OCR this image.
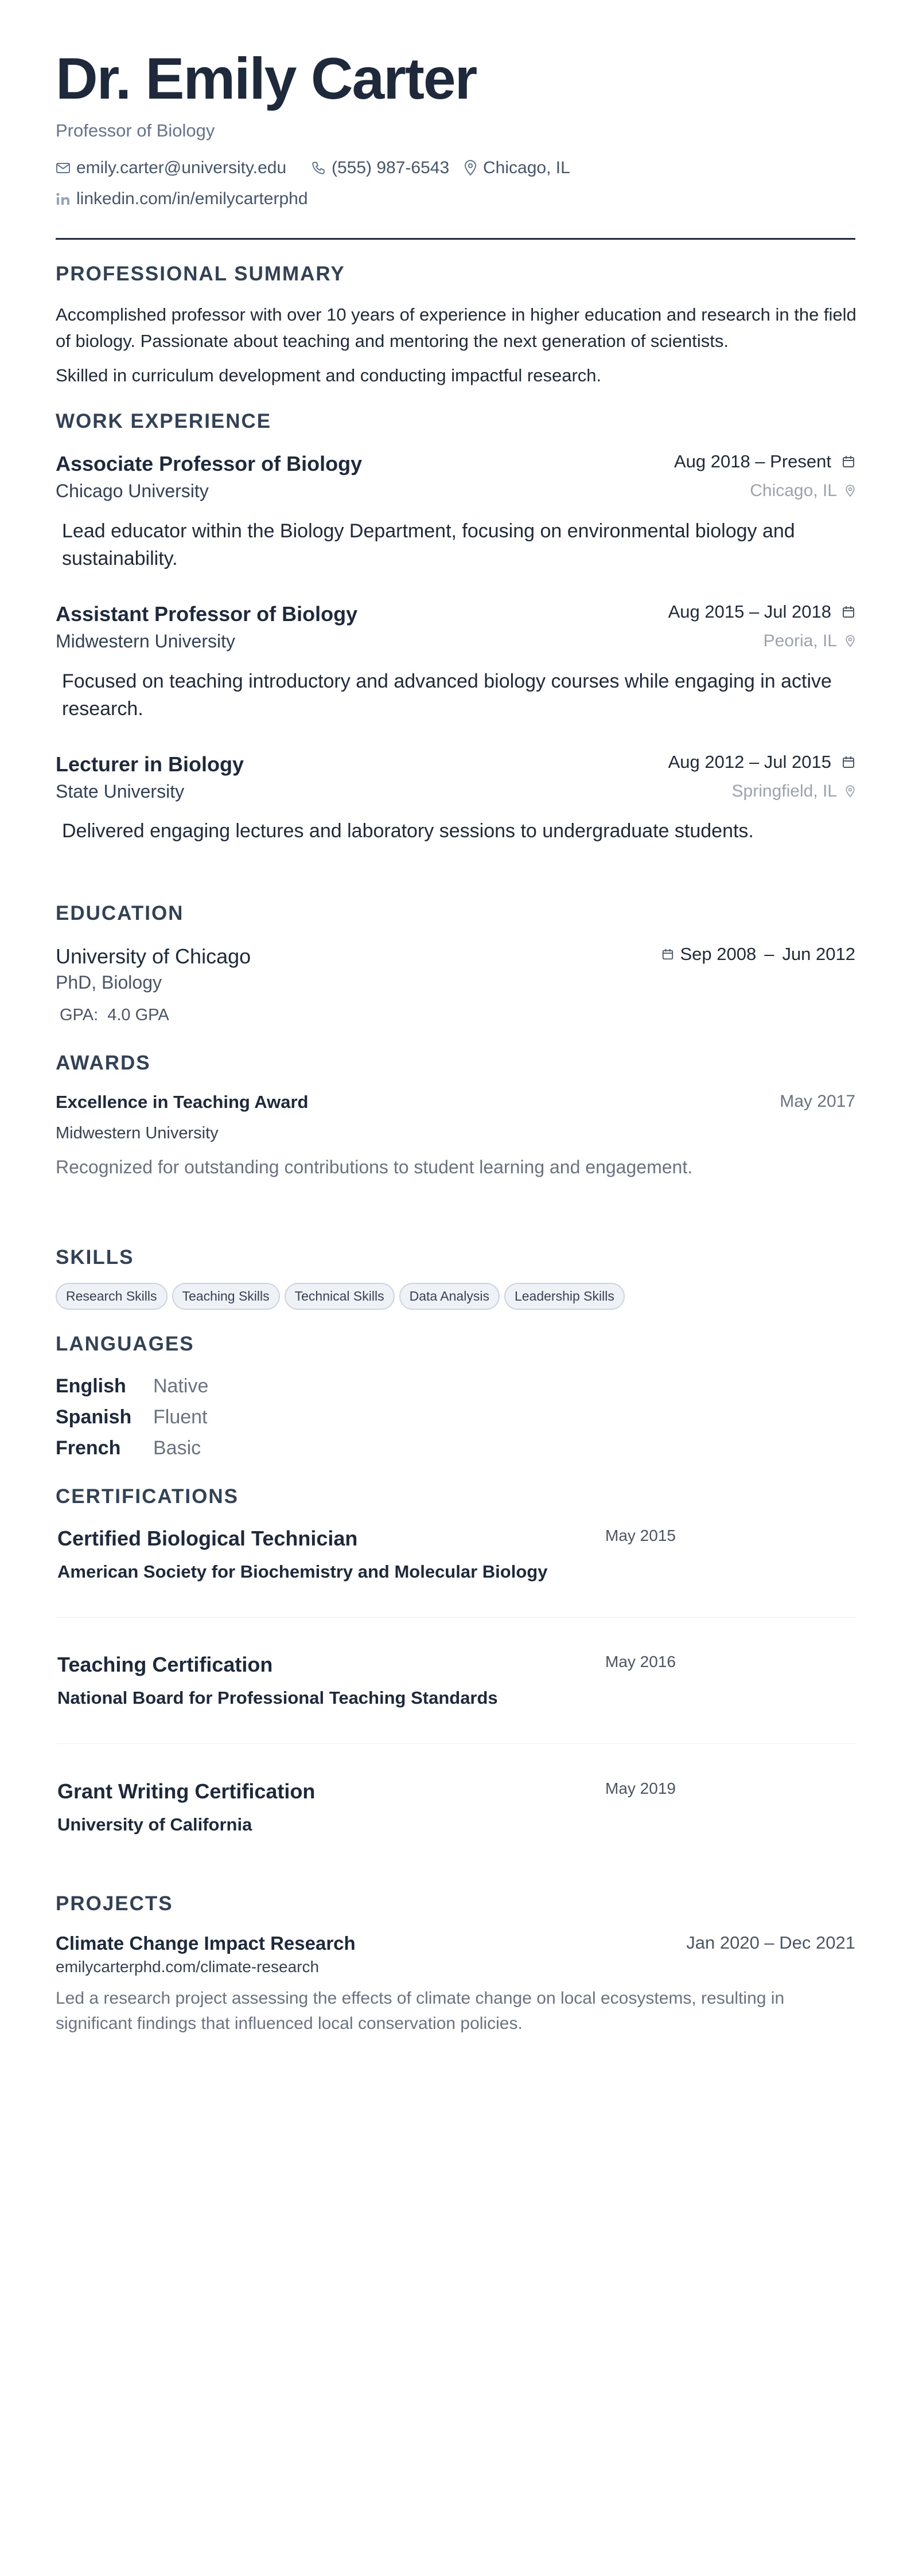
Dr. Emily Carter
Professor of Biology
emily.carter@university.edu	(555) 987-6543 Chicago, IL
linkedin.com/in/emilycarterphd
PROFESSIONAL SUMMARY
Accomplished professor with over 10 years of experience in higher education and research in the field of biology. Passionate about teaching and mentoring the next generation of scientists.
Skilled in curriculum development and conducting impactful research.
WORK EXPERIENCE
Associate Professor of Biology	Aug 2018 – Present
Chicago University	Chicago, IL
Lead educator within the Biology Department, focusing on environmental biology and sustainability.
Assistant Professor of Biology	Aug 2015 – Jul 2018
Midwestern University	Peoria, IL
Focused on teaching introductory and advanced biology courses while engaging in active research.
Lecturer in Biology	Aug 2012 – Jul 2015
State University	Springfield, IL
Delivered engaging lectures and laboratory sessions to undergraduate students.
EDUCATION
University of Chicago	Sep 2008 – Jun 2012
PhD, Biology
GPA: 4.0 GPA
AWARDS
Excellence in Teaching Award	May 2017
Midwestern University
Recognized for outstanding contributions to student learning and engagement.
SKILLS
Research Skills Teaching Skills Technical Skills Data Analysis Leadership Skills
LANGUAGES
English Native
Spanish Fluent
French Basic
CERTIFICATIONS
Certified Biological Technician	May 2015
American Society for Biochemistry and Molecular Biology
Teaching Certification	May 2016
National Board for Professional Teaching Standards
Grant Writing Certification	May 2019
University of California
PROJECTS
Climate Change Impact Research	Jan 2020 – Dec 2021
emilycarterphd.com/climate-research
Led a research project assessing the effects of climate change on local ecosystems, resulting in significant findings that influenced local conservation policies.
